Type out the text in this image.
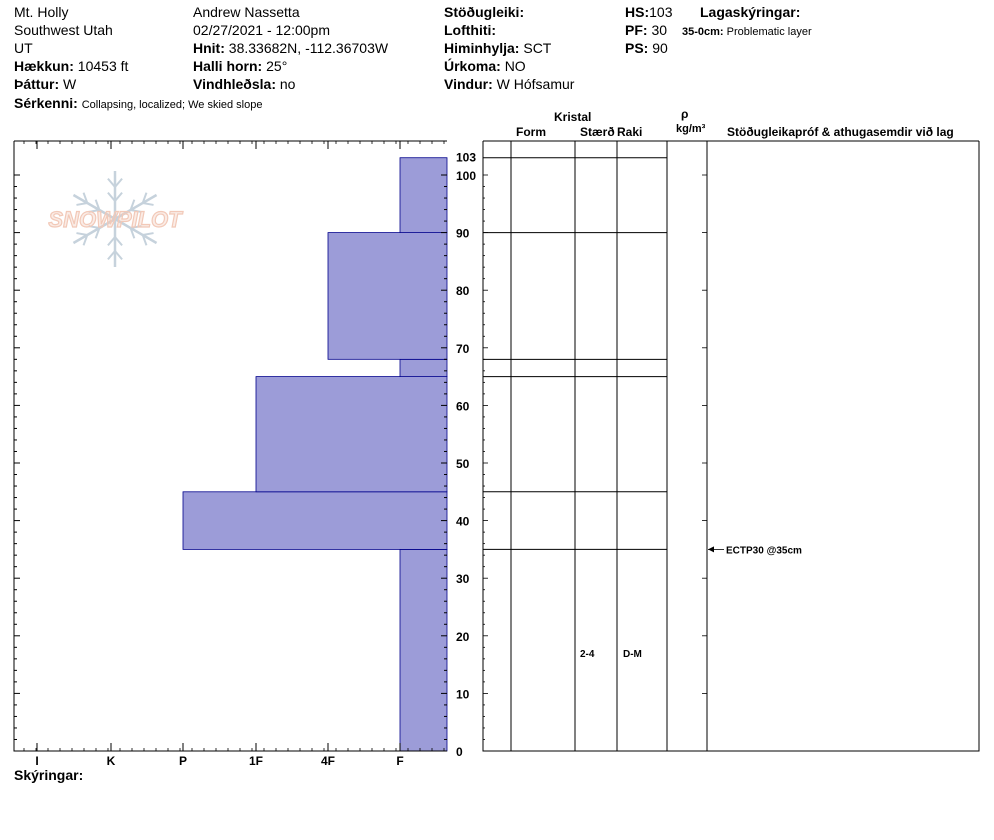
Mt. Holly
Southwest Utah
UT
Hækkun: 10453 ft
Þáttur: W
Sérkenni: Collapsing, localized; We skied slope
Andrew Nassetta
02/27/2021 - 12:00pm
Hnit: 38.33682N, -112.36703W
Halli horn: 25°
Vindhleðsla: no
Stöðugleiki:
Lofthiti:
Himinhylja: SCT
Úrkoma: NO
Vindur: W Hófsamur
HS:103
PF: 30
PS: 90
Lagaskýringar:
35-0cm: Problematic layer
Kristal
Form	Stærð Raki
ρ
kg/m³ Stöðugleikapróf & athugasemdir við lag
Skýringar:
SNOWPILOT
0
10
20
30
40
50
60
70
80
90
100
103
I	K	P	1F	4F	F
2-4	D-M
ECTP30 @35cm
